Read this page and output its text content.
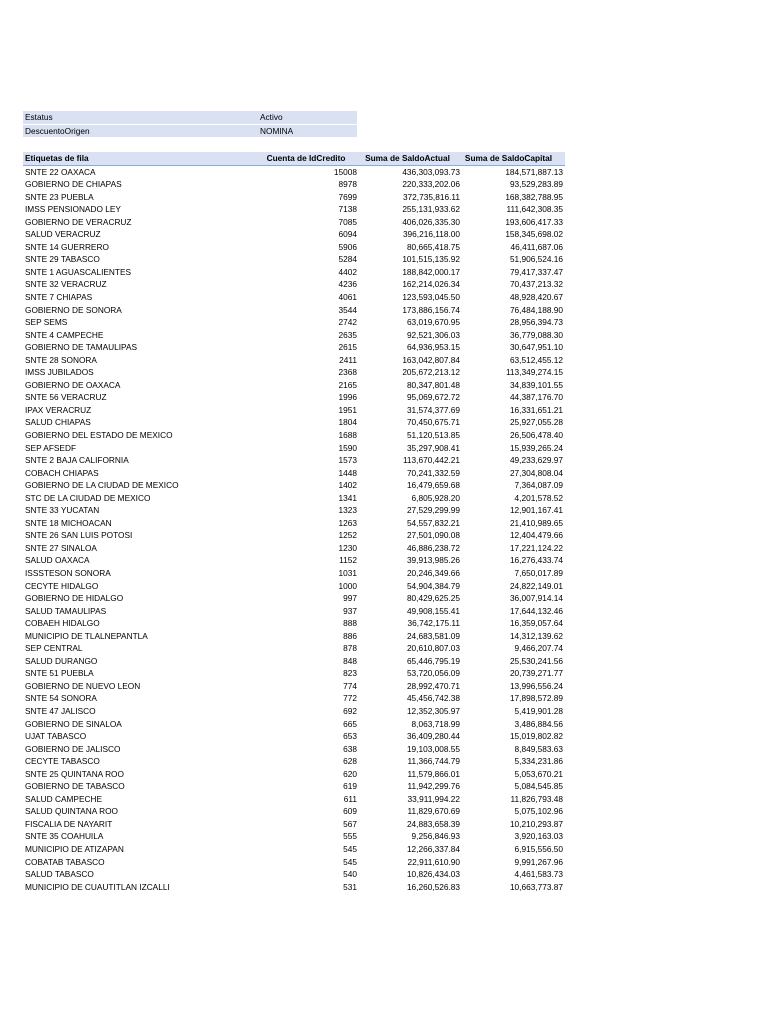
Estatus	Activo
DescuentoOrigen	NOMINA
Etiquetas de fila	Cuenta de IdCredito	Suma de SaldoActual	Suma de SaldoCapital
SNTE 22 OAXACA	15008	436,303,093.73	184,571,887.13
GOBIERNO DE CHIAPAS	8978	220,333,202.06	93,529,283.89
SNTE 23 PUEBLA	7699	372,735,816.11	168,382,788.95
IMSS PENSIONADO LEY	7138	255,131,933.62	111,642,308.35
GOBIERNO DE VERACRUZ	7085	406,026,335.30	193,606,417.33
SALUD VERACRUZ	6094	396,216,118.00	158,345,698.02
SNTE 14 GUERRERO	5906	80,665,418.75	46,411,687.06
SNTE 29 TABASCO	5284	101,515,135.92	51,906,524.16
SNTE 1 AGUASCALIENTES	4402	188,842,000.17	79,417,337.47
SNTE 32 VERACRUZ	4236	162,214,026.34	70,437,213.32
SNTE 7 CHIAPAS	4061	123,593,045.50	48,928,420.67
GOBIERNO DE SONORA	3544	173,886,156.74	76,484,188.90
SEP SEMS	2742	63,019,670.95	28,956,394.73
SNTE 4 CAMPECHE	2635	92,521,306.03	36,779,088.30
GOBIERNO DE TAMAULIPAS	2615	64,936,953.15	30,647,951.10
SNTE 28 SONORA	2411	163,042,807.84	63,512,455.12
IMSS JUBILADOS	2368	205,672,213.12	113,349,274.15
GOBIERNO DE OAXACA	2165	80,347,801.48	34,839,101.55
SNTE 56 VERACRUZ	1996	95,069,672.72	44,387,176.70
IPAX VERACRUZ	1951	31,574,377.69	16,331,651.21
SALUD CHIAPAS	1804	70,450,675.71	25,927,055.28
GOBIERNO DEL ESTADO DE MEXICO	1688	51,120,513.85	26,506,478.40
SEP AFSEDF	1590	35,297,908.41	15,939,265.24
SNTE 2 BAJA CALIFORNIA	1573	113,670,442.21	49,233,629.97
COBACH CHIAPAS	1448	70,241,332.59	27,304,808.04
GOBIERNO DE LA CIUDAD DE MEXICO	1402	16,479,659.68	7,364,087.09
STC DE LA CIUDAD DE MEXICO	1341	6,805,928.20	4,201,578.52
SNTE 33 YUCATAN	1323	27,529,299.99	12,901,167.41
SNTE 18 MICHOACAN	1263	54,557,832.21	21,410,989.65
SNTE 26 SAN LUIS POTOSI	1252	27,501,090.08	12,404,479.66
SNTE 27 SINALOA	1230	46,886,238.72	17,221,124.22
SALUD OAXACA	1152	39,913,985.26	16,276,433.74
ISSSTESON SONORA	1031	20,246,349.66	7,650,017.89
CECYTE HIDALGO	1000	54,904,384.79	24,822,149.01
GOBIERNO DE HIDALGO	997	80,429,625.25	36,007,914.14
SALUD TAMAULIPAS	937	49,908,155.41	17,644,132.46
COBAEH HIDALGO	888	36,742,175.11	16,359,057.64
MUNICIPIO DE TLALNEPANTLA	886	24,683,581.09	14,312,139.62
SEP CENTRAL	878	20,610,807.03	9,466,207.74
SALUD DURANGO	848	65,446,795.19	25,530,241.56
SNTE 51 PUEBLA	823	53,720,056.09	20,739,271.77
GOBIERNO DE NUEVO LEON	774	28,992,470.71	13,996,556.24
SNTE 54 SONORA	772	45,456,742.38	17,898,572.89
SNTE 47 JALISCO	692	12,352,305.97	5,419,901.28
GOBIERNO DE SINALOA	665	8,063,718.99	3,486,884.56
UJAT TABASCO	653	36,409,280.44	15,019,802.82
GOBIERNO DE JALISCO	638	19,103,008.55	8,849,583.63
CECYTE TABASCO	628	11,366,744.79	5,334,231.86
SNTE 25 QUINTANA ROO	620	11,579,866.01	5,053,670.21
GOBIERNO DE TABASCO	619	11,942,299.76	5,084,545.85
SALUD CAMPECHE	611	33,911,994.22	11,826,793.48
SALUD QUINTANA ROO	609	11,829,670.69	5,075,102.96
FISCALIA DE NAYARIT	567	24,883,658.39	10,210,293.87
SNTE 35 COAHUILA	555	9,256,846.93	3,920,163.03
MUNICIPIO DE ATIZAPAN	545	12,266,337.84	6,915,556.50
COBATAB TABASCO	545	22,911,610.90	9,991,267.96
SALUD TABASCO	540	10,826,434.03	4,461,583.73
MUNICIPIO DE CUAUTITLAN IZCALLI	531	16,260,526.83	10,663,773.87
